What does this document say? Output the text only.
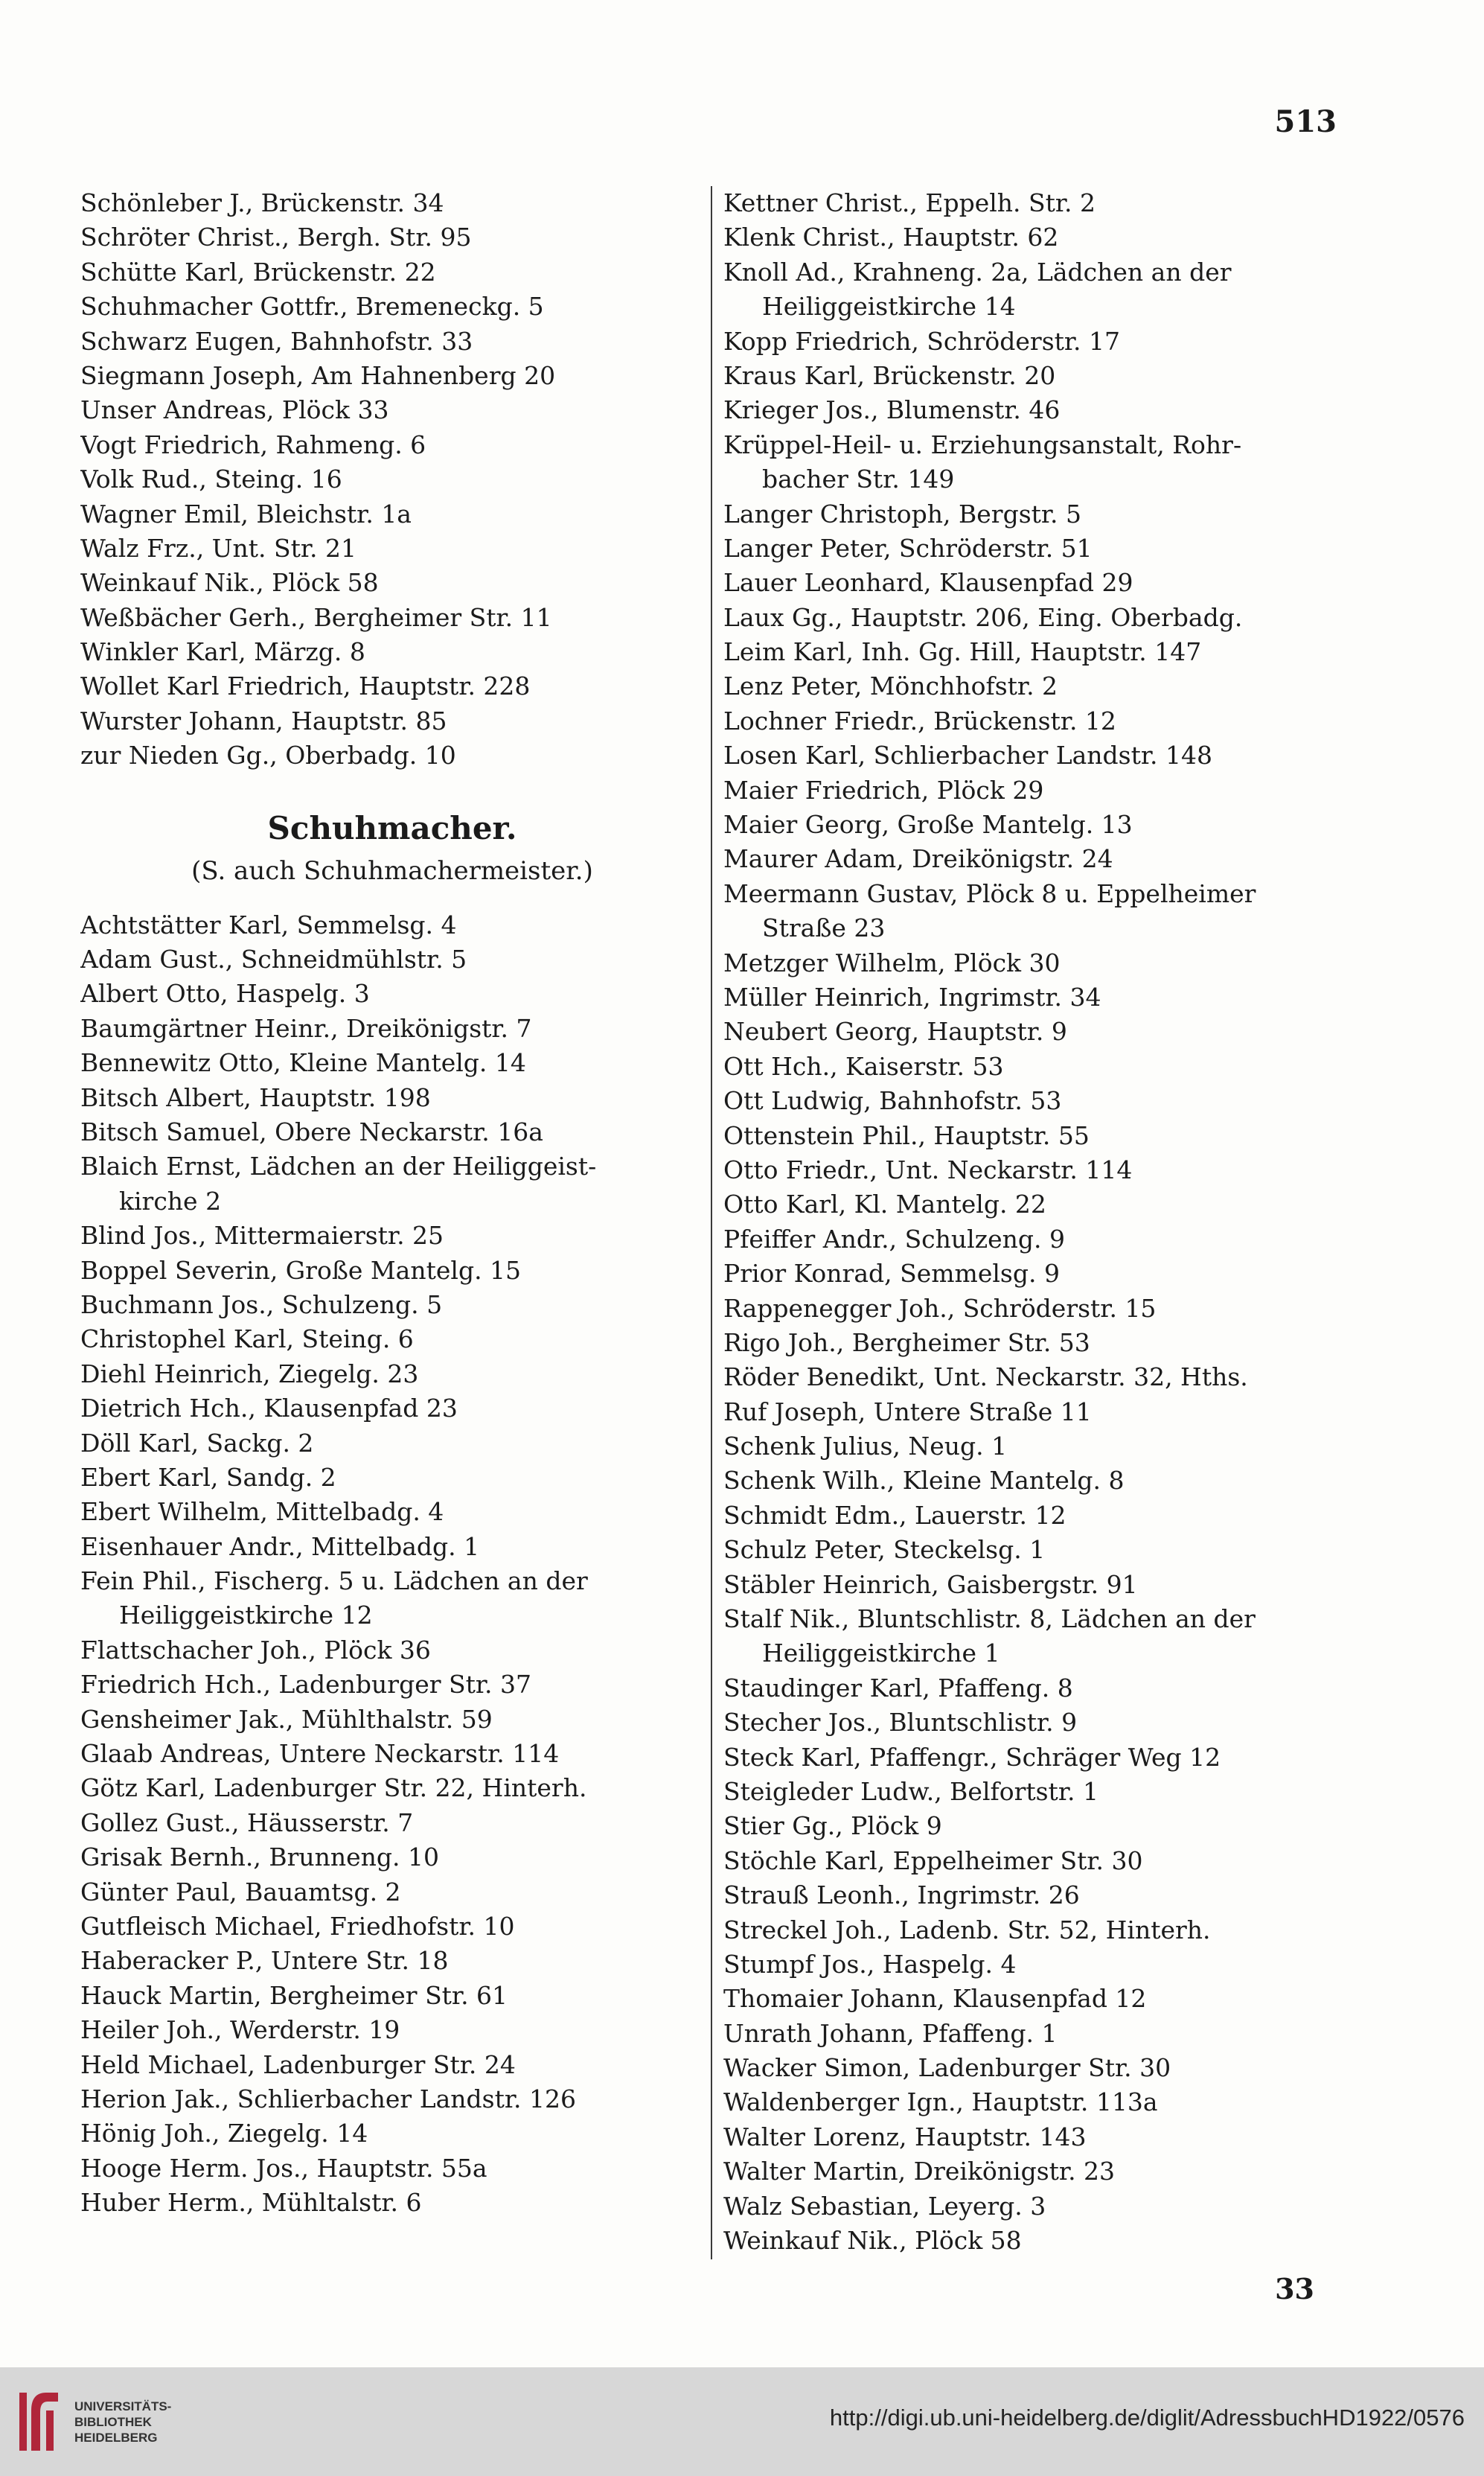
513
Schönleber J., Brückenstr. 34
Schröter Christ., Bergh. Str. 95
Schütte Karl, Brückenstr. 22
Schuhmacher Gottfr., Bremeneckg. 5
Schwarz Eugen, Bahnhofstr. 33
Siegmann Joseph, Am Hahnenberg 20
Unser Andreas, Plöck 33
Vogt Friedrich, Rahmeng. 6
Volk Rud., Steing. 16
Wagner Emil, Bleichstr. 1a
Walz Frz., Unt. Str. 21
Weinkauf Nik., Plöck 58
Weßbächer Gerh., Bergheimer Str. 11
Winkler Karl, Märzg. 8
Wollet Karl Friedrich, Hauptstr. 228
Wurster Johann, Hauptstr. 85
zur Nieden Gg., Oberbadg. 10
Schuhmacher.
(S. auch Schuhmachermeister.)
Achtstätter Karl, Semmelsg. 4
Adam Gust., Schneidmühlstr. 5
Albert Otto, Haspelg. 3
Baumgärtner Heinr., Dreikönigstr. 7
Bennewitz Otto, Kleine Mantelg. 14
Bitsch Albert, Hauptstr. 198
Bitsch Samuel, Obere Neckarstr. 16a
Blaich Ernst, Lädchen an der Heiliggeist-
kirche 2
Blind Jos., Mittermaierstr. 25
Boppel Severin, Große Mantelg. 15
Buchmann Jos., Schulzeng. 5
Christophel Karl, Steing. 6
Diehl Heinrich, Ziegelg. 23
Dietrich Hch., Klausenpfad 23
Döll Karl, Sackg. 2
Ebert Karl, Sandg. 2
Ebert Wilhelm, Mittelbadg. 4
Eisenhauer Andr., Mittelbadg. 1
Fein Phil., Fischerg. 5 u. Lädchen an der
Heiliggeistkirche 12
Flattschacher Joh., Plöck 36
Friedrich Hch., Ladenburger Str. 37
Gensheimer Jak., Mühlthalstr. 59
Glaab Andreas, Untere Neckarstr. 114
Götz Karl, Ladenburger Str. 22, Hinterh.
Gollez Gust., Häusserstr. 7
Grisak Bernh., Brunneng. 10
Günter Paul, Bauamtsg. 2
Gutfleisch Michael, Friedhofstr. 10
Haberacker P., Untere Str. 18
Hauck Martin, Bergheimer Str. 61
Heiler Joh., Werderstr. 19
Held Michael, Ladenburger Str. 24
Herion Jak., Schlierbacher Landstr. 126
Hönig Joh., Ziegelg. 14
Hooge Herm. Jos., Hauptstr. 55a
Huber Herm., Mühltalstr. 6
Kettner Christ., Eppelh. Str. 2
Klenk Christ., Hauptstr. 62
Knoll Ad., Krahneng. 2a, Lädchen an der
Heiliggeistkirche 14
Kopp Friedrich, Schröderstr. 17
Kraus Karl, Brückenstr. 20
Krieger Jos., Blumenstr. 46
Krüppel-Heil- u. Erziehungsanstalt, Rohr-
bacher Str. 149
Langer Christoph, Bergstr. 5
Langer Peter, Schröderstr. 51
Lauer Leonhard, Klausenpfad 29
Laux Gg., Hauptstr. 206, Eing. Oberbadg.
Leim Karl, Inh. Gg. Hill, Hauptstr. 147
Lenz Peter, Mönchhofstr. 2
Lochner Friedr., Brückenstr. 12
Losen Karl, Schlierbacher Landstr. 148
Maier Friedrich, Plöck 29
Maier Georg, Große Mantelg. 13
Maurer Adam, Dreikönigstr. 24
Meermann Gustav, Plöck 8 u. Eppelheimer
Straße 23
Metzger Wilhelm, Plöck 30
Müller Heinrich, Ingrimstr. 34
Neubert Georg, Hauptstr. 9
Ott Hch., Kaiserstr. 53
Ott Ludwig, Bahnhofstr. 53
Ottenstein Phil., Hauptstr. 55
Otto Friedr., Unt. Neckarstr. 114
Otto Karl, Kl. Mantelg. 22
Pfeiffer Andr., Schulzeng. 9
Prior Konrad, Semmelsg. 9
Rappenegger Joh., Schröderstr. 15
Rigo Joh., Bergheimer Str. 53
Röder Benedikt, Unt. Neckarstr. 32, Hths.
Ruf Joseph, Untere Straße 11
Schenk Julius, Neug. 1
Schenk Wilh., Kleine Mantelg. 8
Schmidt Edm., Lauerstr. 12
Schulz Peter, Steckelsg. 1
Stäbler Heinrich, Gaisbergstr. 91
Stalf Nik., Bluntschlistr. 8, Lädchen an der
Heiliggeistkirche 1
Staudinger Karl, Pfaffeng. 8
Stecher Jos., Bluntschlistr. 9
Steck Karl, Pfaffengr., Schräger Weg 12
Steigleder Ludw., Belfortstr. 1
Stier Gg., Plöck 9
Stöchle Karl, Eppelheimer Str. 30
Strauß Leonh., Ingrimstr. 26
Streckel Joh., Ladenb. Str. 52, Hinterh.
Stumpf Jos., Haspelg. 4
Thomaier Johann, Klausenpfad 12
Unrath Johann, Pfaffeng. 1
Wacker Simon, Ladenburger Str. 30
Waldenberger Ign., Hauptstr. 113a
Walter Lorenz, Hauptstr. 143
Walter Martin, Dreikönigstr. 23
Walz Sebastian, Leyerg. 3
Weinkauf Nik., Plöck 58
33
UNIVERSITÄTS-
BIBLIOTHEK
HEIDELBERG
http://digi.ub.uni-heidelberg.de/diglit/AdressbuchHD1922/0576
